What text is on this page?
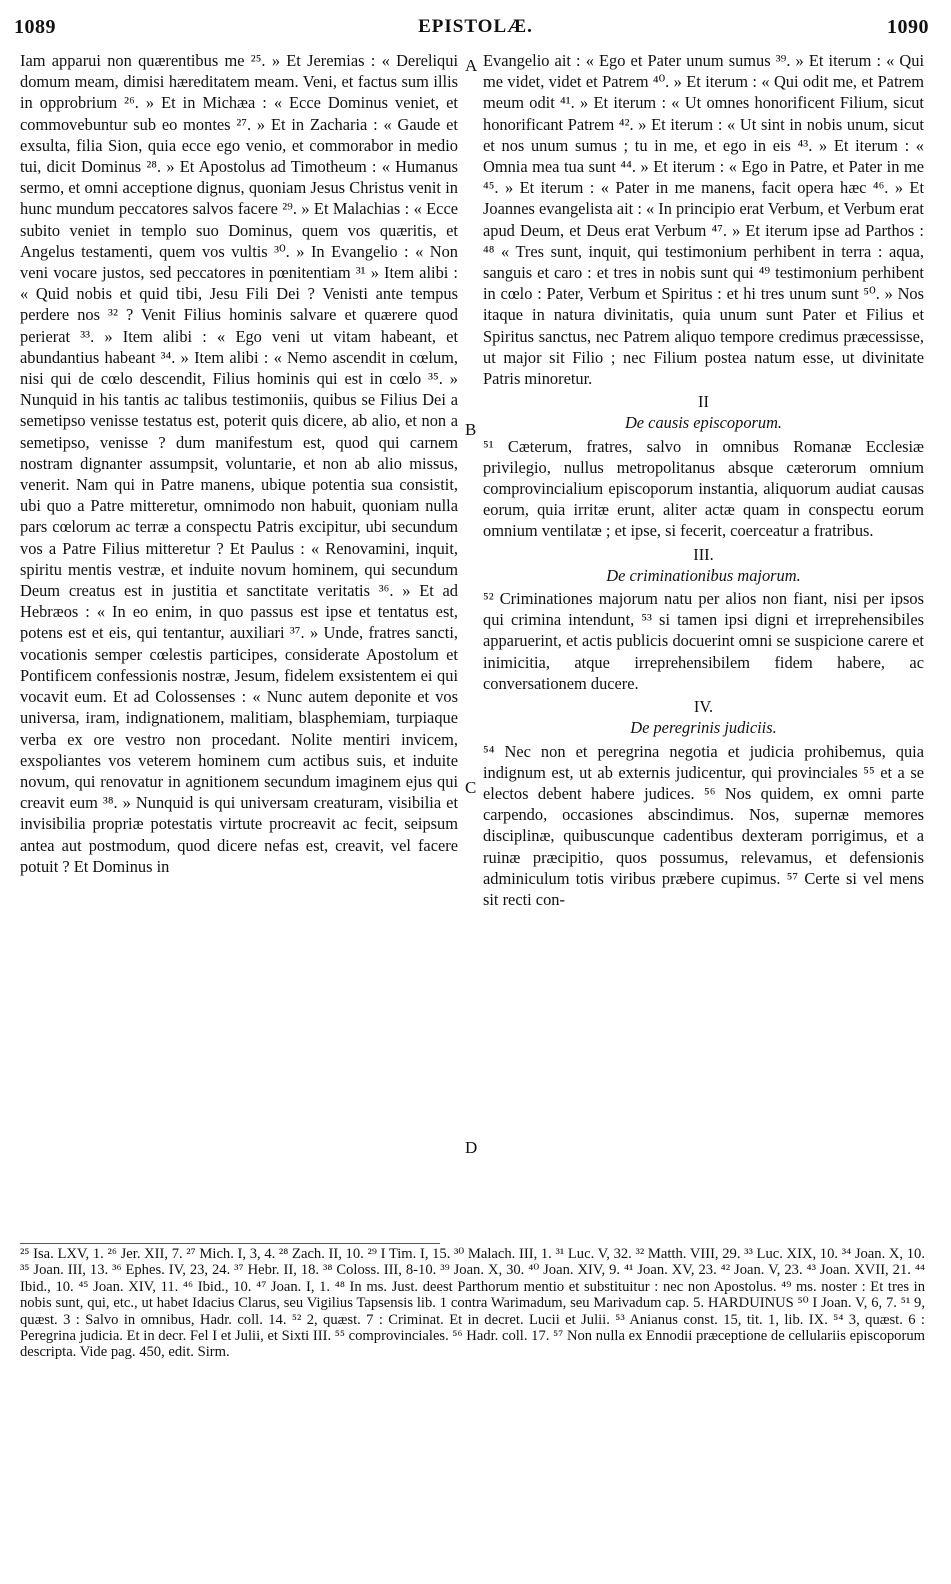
1089	EPISTOLÆ.	1090

Iam apparui non quærentibus me ²⁵. » Et Jeremias : « Dereliqui domum meam, dimisi hæreditatem meam. Veni, et factus sum illis in opprobrium ²⁶. » Et in Michæa : « Ecce Dominus veniet, et commovebuntur sub eo montes ²⁷. » Et in Zacharia : « Gaude et exsulta, filia Sion, quia ecce ego venio, et commorabor in medio tui, dicit Dominus ²⁸. » Et Apostolus ad Timotheum : « Humanus sermo, et omni acceptione dignus, quoniam Jesus Christus venit in hunc mundum peccatores salvos facere ²⁹. » Et Malachias : « Ecce subito veniet in templo suo Dominus, quem vos quæritis, et Angelus testamenti, quem vos vultis ³⁰. » In Evangelio : « Non veni vocare justos, sed peccatores in pœnitentiam ³¹ » Item alibi : « Quid nobis et quid tibi, Jesu Fili Dei ? Venisti ante tempus perdere nos ³² ? Venit Filius hominis salvare et quærere quod perierat ³³. » Item alibi : « Ego veni ut vitam habeant, et abundantius habeant ³⁴. » Item alibi : « Nemo ascendit in cœlum, nisi qui de cœlo descendit, Filius hominis qui est in cœlo ³⁵. » Nunquid in his tantis ac talibus testimoniis, quibus se Filius Dei a semetipso venisse testatus est, poterit quis dicere, ab alio, et non a semetipso, venisse ? dum manifestum est, quod qui carnem nostram dignanter assumpsit, voluntarie, et non ab alio missus, venerit. Nam qui in Patre manens, ubique potentia sua consistit, ubi quo a Patre mitteretur, omnimodo non habuit, quoniam nulla pars cœlorum ac terræ a conspectu Patris excipitur, ubi secundum vos a Patre Filius mitteretur ? Et Paulus : « Renovamini, inquit, spiritu mentis vestræ, et induite novum hominem, qui secundum Deum creatus est in justitia et sanctitate veritatis ³⁶. » Et ad Hebræos : « In eo enim, in quo passus est ipse et tentatus est, potens est et eis, qui tentantur, auxiliari ³⁷. » Unde, fratres sancti, vocationis semper cœlestis participes, considerate Apostolum et Pontificem confessionis nostræ, Jesum, fidelem exsistentem ei qui vocavit eum. Et ad Colossenses : « Nunc autem deponite et vos universa, iram, indignationem, malitiam, blasphemiam, turpiaque verba ex ore vestro non procedant. Nolite mentiri invicem, exspoliantes vos veterem hominem cum actibus suis, et induite novum, qui renovatur in agnitionem secundum imaginem ejus qui creavit eum ³⁸. » Nunquid is qui universam creaturam, visibilia et invisibilia propriæ potestatis virtute procreavit ac fecit, seipsum antea aut postmodum, quod dicere nefas est, creavit, vel facere potuit ? Et Dominus in

A
B
C
D

Evangelio ait : « Ego et Pater unum sumus ³⁹. » Et iterum : « Qui me videt, videt et Patrem ⁴⁰. » Et iterum : « Qui odit me, et Patrem meum odit ⁴¹. » Et iterum : « Ut omnes honorificent Filium, sicut honorificant Patrem ⁴². » Et iterum : « Ut sint in nobis unum, sicut et nos unum sumus ; tu in me, et ego in eis ⁴³. » Et iterum : « Omnia mea tua sunt ⁴⁴. » Et iterum : « Ego in Patre, et Pater in me ⁴⁵. » Et iterum : « Pater in me manens, facit opera hæc ⁴⁶. » Et Joannes evangelista ait : « In principio erat Verbum, et Verbum erat apud Deum, et Deus erat Verbum ⁴⁷. » Et iterum ipse ad Parthos : ⁴⁸ « Tres sunt, inquit, qui testimonium perhibent in terra : aqua, sanguis et caro : et tres in nobis sunt qui ⁴⁹ testimonium perhibent in cœlo : Pater, Verbum et Spiritus : et hi tres unum sunt ⁵⁰. » Nos itaque in natura divinitatis, quia unum sunt Pater et Filius et Spiritus sanctus, nec Patrem aliquo tempore credimus præcessisse, ut major sit Filio ; nec Filium postea natum esse, ut divinitate Patris minoretur.

II
De causis episcoporum.

⁵¹ Cæterum, fratres, salvo in omnibus Romanæ Ecclesiæ privilegio, nullus metropolitanus absque cæterorum omnium comprovincialium episcoporum instantia, aliquorum audiat causas eorum, quia irritæ erunt, aliter actæ quam in conspectu eorum omnium ventilatæ ; et ipse, si fecerit, coerceatur a fratribus.

III.
De criminationibus majorum.

⁵² Criminationes majorum natu per alios non fiant, nisi per ipsos qui crimina intendunt, ⁵³ si tamen ipsi digni et irreprehensibiles apparuerint, et actis publicis docuerint omni se suspicione carere et inimicitia, atque irreprehensibilem fidem habere, ac conversationem ducere.

IV.
De peregrinis judiciis.

⁵⁴ Nec non et peregrina negotia et judicia prohibemus, quia indignum est, ut ab externis judicentur, qui provinciales ⁵⁵ et a se electos debent habere judices. ⁵⁶ Nos quidem, ex omni parte carpendo, occasiones abscindimus. Nos, supernæ memores disciplinæ, quibuscunque cadentibus dexteram porrigimus, et a ruinæ præcipitio, quos possumus, relevamus, et defensionis adminiculum totis viribus præbere cupimus. ⁵⁷ Certe si vel mens sit recti con-

²⁵ Isa. LXV, 1. ²⁶ Jer. XII, 7. ²⁷ Mich. I, 3, 4. ²⁸ Zach. II, 10. ²⁹ I Tim. I, 15. ³⁰ Malach. III, 1. ³¹ Luc. V, 32. ³² Matth. VIII, 29. ³³ Luc. XIX, 10. ³⁴ Joan. X, 10. ³⁵ Joan. III, 13. ³⁶ Ephes. IV, 23, 24. ³⁷ Hebr. II, 18. ³⁸ Coloss. III, 8-10. ³⁹ Joan. X, 30. ⁴⁰ Joan. XIV, 9. ⁴¹ Joan. XV, 23. ⁴² Joan. V, 23. ⁴³ Joan. XVII, 21. ⁴⁴ Ibid., 10. ⁴⁵ Joan. XIV, 11. ⁴⁶ Ibid., 10. ⁴⁷ Joan. I, 1. ⁴⁸ In ms. Just. deest Parthorum mentio et substituitur : nec non Apostolus. ⁴⁹ ms. noster : Et tres in nobis sunt, qui, etc., ut habet Idacius Clarus, seu Vigilius Tapsensis lib. 1 contra Warimadum, seu Marivadum cap. 5. HARDUINUS ⁵⁰ I Joan. V, 6, 7. ⁵¹ 9, quæst. 3 : Salvo in omnibus, Hadr. coll. 14. ⁵² 2, quæst. 7 : Criminat. Et in decret. Lucii et Julii. ⁵³ Anianus const. 15, tit. 1, lib. IX. ⁵⁴ 3, quæst. 6 : Peregrina judicia. Et in decr. Fel I et Julii, et Sixti III. ⁵⁵ comprovinciales. ⁵⁶ Hadr. coll. 17. ⁵⁷ Non nulla ex Ennodii præceptione de cellulariis episcoporum descripta. Vide pag. 450, edit. Sirm.
